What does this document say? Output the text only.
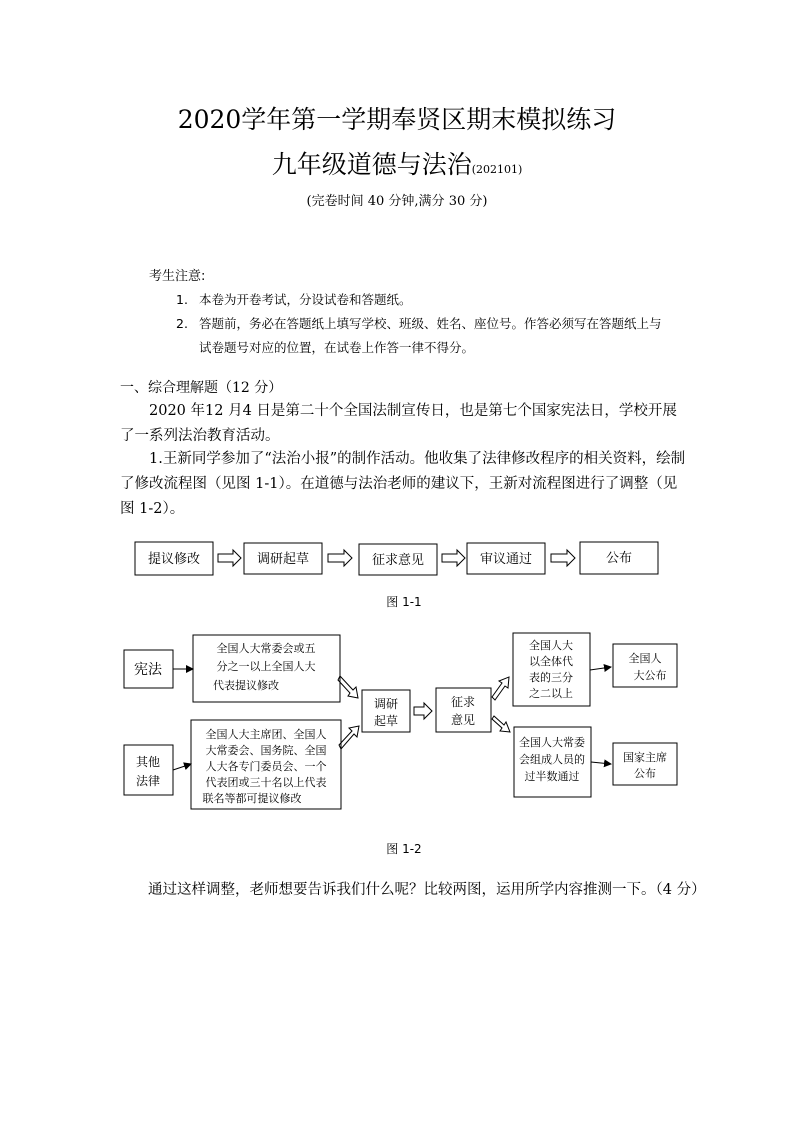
2020学年第一学期奉贤区期末模拟练习
九年级道德与法治(202101)
(完卷时间 40 分钟,满分 30 分)
考生注意:
1. 本卷为开卷考试，分设试卷和答题纸。
2. 答题前，务必在答题纸上填写学校、班级、姓名、座位号。作答必须写在答题纸上与
试卷题号对应的位置，在试卷上作答一律不得分。
一、综合理解题（12 分）
2020 年12 月4 日是第二十个全国法制宣传日，也是第七个国家宪法日，学校开展了一系列法治教育活动。
1.王新同学参加了“法治小报”的制作活动。他收集了法律修改程序的相关资料，绘制了修改流程图（见图 1-1）。在道德与法治老师的建议下，王新对流程图进行了调整（见图 1-2）。
提议修改	调研起草	征求意见	审议通过	公布
图 1-1
宪法
其他
法律
全国人大常委会或五
分之一以上全国人大
代表提议修改
全国人大主席团、全国人
大常委会、国务院、全国
人大各专门委员会、一个
代表团或三十名以上代表
联名等都可提议修改
调研
起草
征求
意见
全国人大
以全体代
表的三分
之二以上
全国人大常委
会组成人员的
过半数通过
全国人
大公布
国家主席
公布
图 1-2
通过这样调整，老师想要告诉我们什么呢？比较两图，运用所学内容推测一下。（4 分）
